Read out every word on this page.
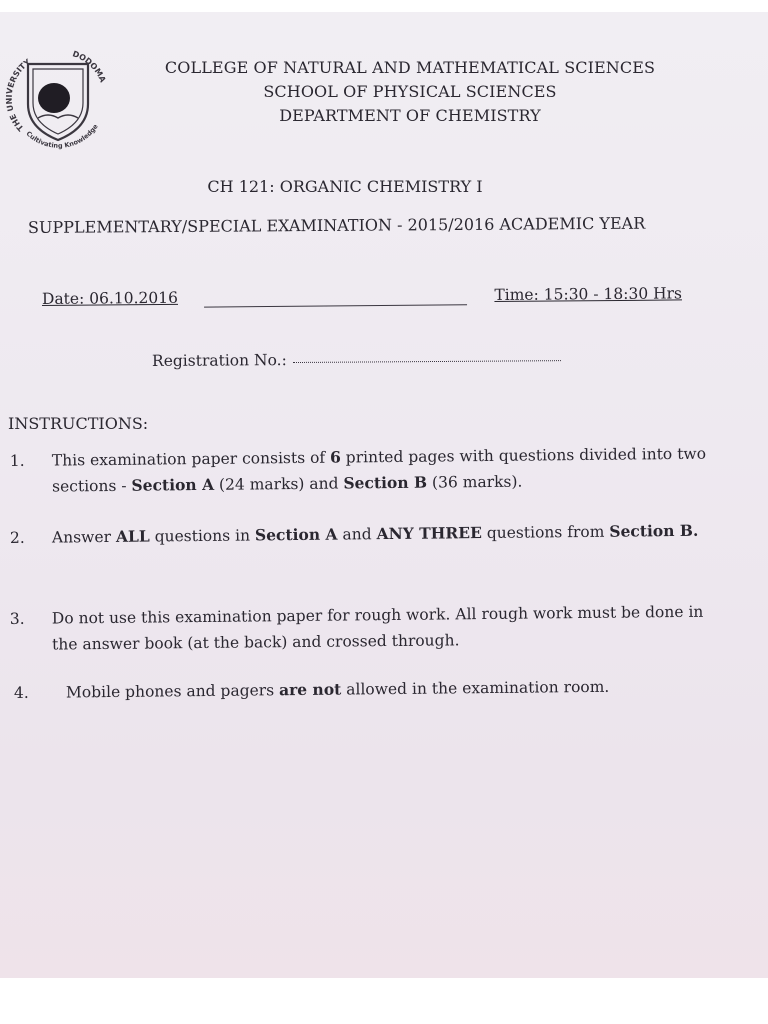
THE UNIVERSITY
DODOMA
Cultivating Knowledge
COLLEGE OF NATURAL AND MATHEMATICAL SCIENCES
SCHOOL OF PHYSICAL SCIENCES
DEPARTMENT OF CHEMISTRY
CH 121: ORGANIC CHEMISTRY I
SUPPLEMENTARY/SPECIAL EXAMINATION - 2015/2016 ACADEMIC YEAR
Date: 06.10.2016	Time: 15:30 - 18:30 Hrs
Registration No.:
INSTRUCTIONS:
1. This examination paper consists of 6 printed pages with questions divided into two sections - Section A (24 marks) and Section B (36 marks).
2. Answer ALL questions in Section A and ANY THREE questions from Section B.
3. Do not use this examination paper for rough work. All rough work must be done in the answer book (at the back) and crossed through.
4. Mobile phones and pagers are not allowed in the examination room.
